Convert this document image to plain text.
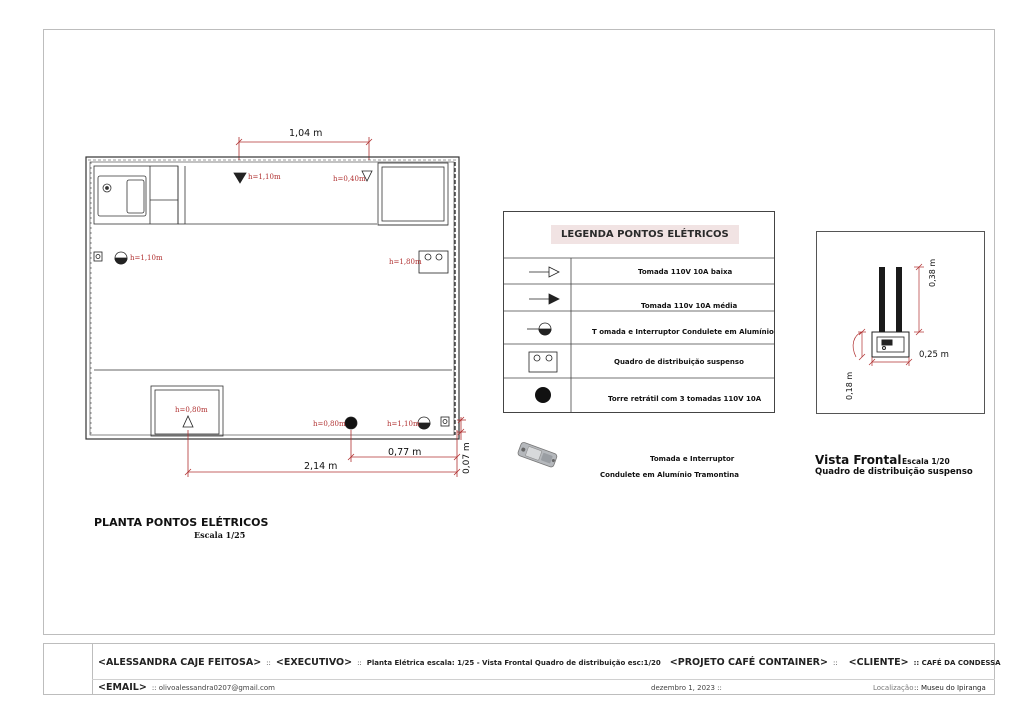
h=1,10m	h=0,40m
h=1,10m	h=1,80m
h=0,80m
h=0,80m	h=1,10m
1,04 m
0,77 m
2,14 m	0,07 m
PLANTA PONTOS ELÉTRICOS
Escala 1/25
LEGENDA PONTOS ELÉTRICOS
Tomada 110V 10A baixa
Tomada 110v 10A média
T omada e Interruptor Condulete em Alumínio
Quadro de distribuição suspenso
Torre retrátil com 3 tomadas 110V 10A
Tomada e Interruptor
Condulete em Alumínio Tramontina
0,38 m
0,25 m
0,18 m
Vista Frontal Escala 1/20
Quadro de distribuição suspenso
<ALESSANDRA CAJE FEITOSA> :: <EXECUTIVO> :: Planta Elétrica escala: 1/25 - Vista Frontal Quadro de distribuição esc:1/20 <PROJETO CAFÉ CONTAINER> :: <CLIENTE> :: CAFÉ DA CONDESSA
<EMAIL> :: olivoalessandra0207@gmail.com	dezembro 1, 2023 ::	Localização :: Museu do Ipiranga
